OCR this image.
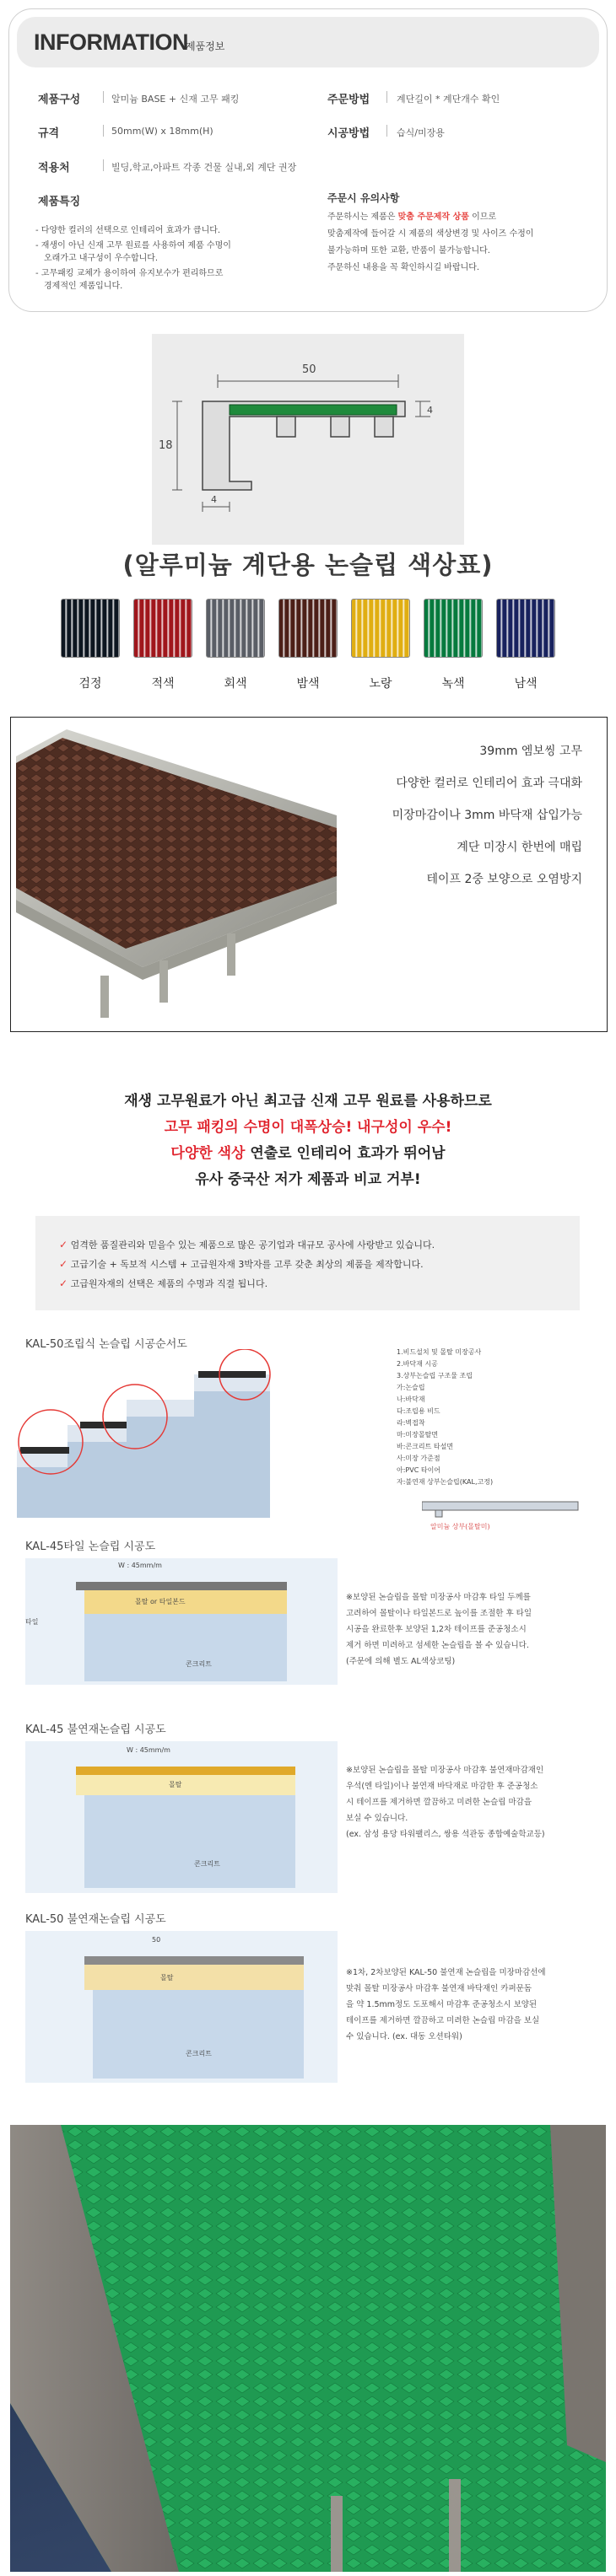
INFORMATION
제품정보
제품구성	알미늄 BASE + 신재 고무 패킹
규격	50mm(W) x 18mm(H)
적용처	빌딩,학교,아파트 각종 건물 실내,외 계단 권장
제품특징
- 다양한 컬러의 선택으로 인테리어 효과가 큽니다.
- 재생이 아닌 신재 고무 원료를 사용하여 제품 수명이
오래가고 내구성이 우수합니다.
- 고무패킹 교체가 용이하여 유지보수가 편리하므로
경제적인 제품입니다.
주문방법	계단길이 * 계단개수 확인
시공방법	습식/미장용
주문시 유의사항
주문하시는 제품은 맞춤 주문제작 상품 이므로
맞춤제작에 들어갈 시 제품의 색상변경 및 사이즈 수정이
불가능하며 또한 교환, 반품이 불가능합니다.
주문하신 내용을 꼭 확인하시길 바랍니다.
50
18
4
4
(알루미늄 계단용 논슬립 색상표)
39mm 엠보씽 고무
다양한 컬러로 인테리어 효과 극대화
미장마감이나 3mm 바닥재 삽입가능
계단 미장시 한번에 매립
테이프 2중 보양으로 오염방지
재생 고무원료가 아닌 최고급 신재 고무 원료를 사용하므로
고무 패킹의 수명이 대폭상승! 내구성이 우수!
다양한 색상 연출로 인테리어 효과가 뛰어남
유사 중국산 저가 제품과 비교 거부!
✓ 엄격한 품질관리와 믿을수 있는 제품으로 많은 공기업과 대규모 공사에 사랑받고 있습니다.
✓ 고급기술 + 독보적 시스템 + 고급원자재 3박자를 고루 갖춘 최상의 제품을 제작합니다.
✓ 고급원자재의 선택은 제품의 수명과 직결 됩니다.
KAL-50조립식 논슬립 시공순서도
1.비드설치 및 몰탈 미장공사
2.바닥재 시공
3.상부논슬립 구조물 조립
가:논슬립
나:바닥재
다:조립용 비드
라:벽접착
마:미장몰탈면
바:콘크리트 타설면
사:미장 가준점
아:PVC 타이어
자:불연재 상부논슬립(KAL,고정)
알미늄 상부(몰탈미)
KAL-45타일 논슬립 시공도
W : 45mm/m
몰탈 or 타일본드
콘크리트
타일
※보양된 논슬립을 몰탈 미장공사 마감후 타일 두께를
고려하여 몰탈이나 타일본드로 높이를 조절한 후 타일
시공을 완료한후 보양된 1,2차 테이프를 준공청소시
제거 하면 미려하고 섬세한 논슬립을 볼 수 있습니다.
(주문에 의해 별도 AL색상코팅)
KAL-45 불연재논슬립 시공도
W : 45mm/m
몰탈
콘크리트
※보양된 논슬립을 몰탈 미장공사 마감후 불연재마감재인
우석(엔 타일)이나 불연재 바닥재로 마감한 후 준공청소
시 테이프를 제거하면 깔끔하고 미려한 논슬립 마감을
보실 수 있습니다.
(ex. 삼성 용당 타워팰리스, 쌍용 석관동 종합예술학교등)
KAL-50 불연재논슬립 시공도
50
몰탈
콘크리트
※1차, 2차보양된 KAL-50 불연재 논슬립을 미장마감선에
맞춰 몰탈 미장공사 마감후 불연재 바닥재인 카퍼문돔
을 약 1.5mm정도 도포해서 마감후 준공청소시 보양된
테이프를 제거하면 깔끔하고 미려한 논슬립 마감을 보실
수 있습니다. (ex. 대동 오션타워)
검정	적색	회색	밤색	노랑	녹색	남색
